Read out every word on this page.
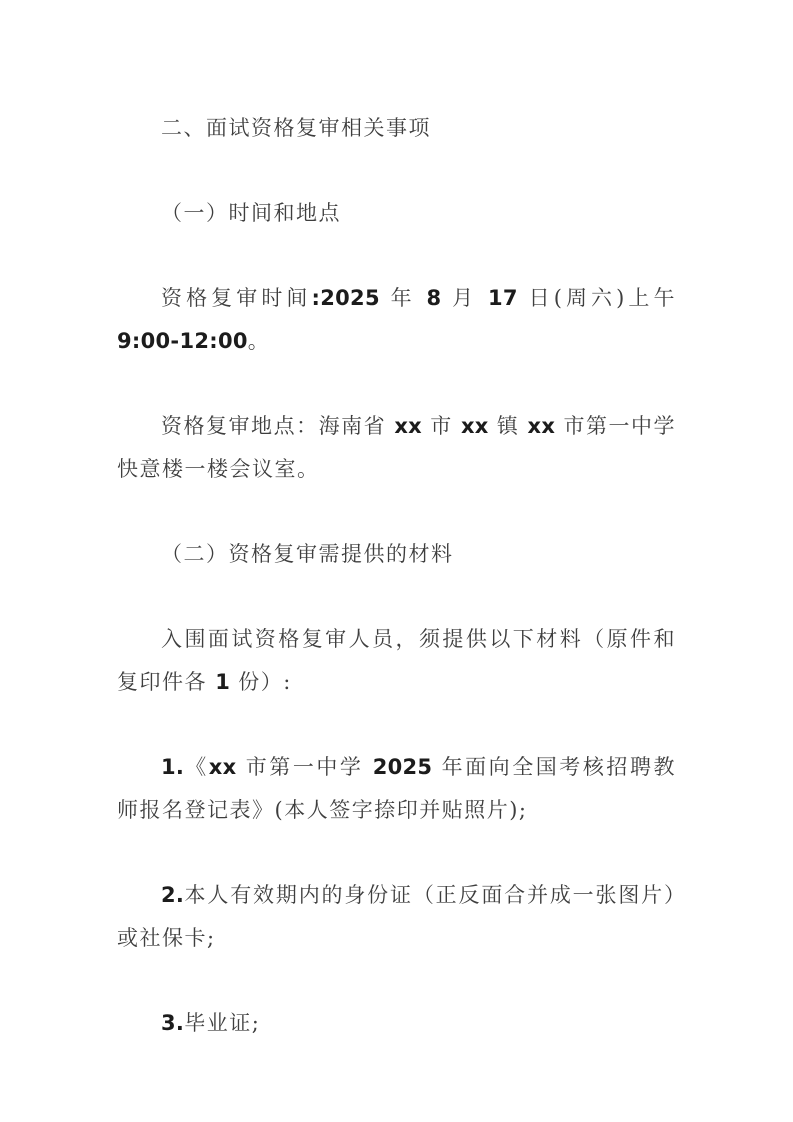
二、面试资格复审相关事项

（一）时间和地点

资格复审时间:2025 年 8 月 17 日(周六)上午 9:00-12:00。

资格复审地点：海南省 xx 市 xx 镇 xx 市第一中学快意楼一楼会议室。

（二）资格复审需提供的材料

入围面试资格复审人员，须提供以下材料（原件和复印件各 1 份）:

1.《xx 市第一中学 2025 年面向全国考核招聘教师报名登记表》(本人签字捺印并贴照片);

2.本人有效期内的身份证（正反面合并成一张图片）或社保卡;

3.毕业证;
